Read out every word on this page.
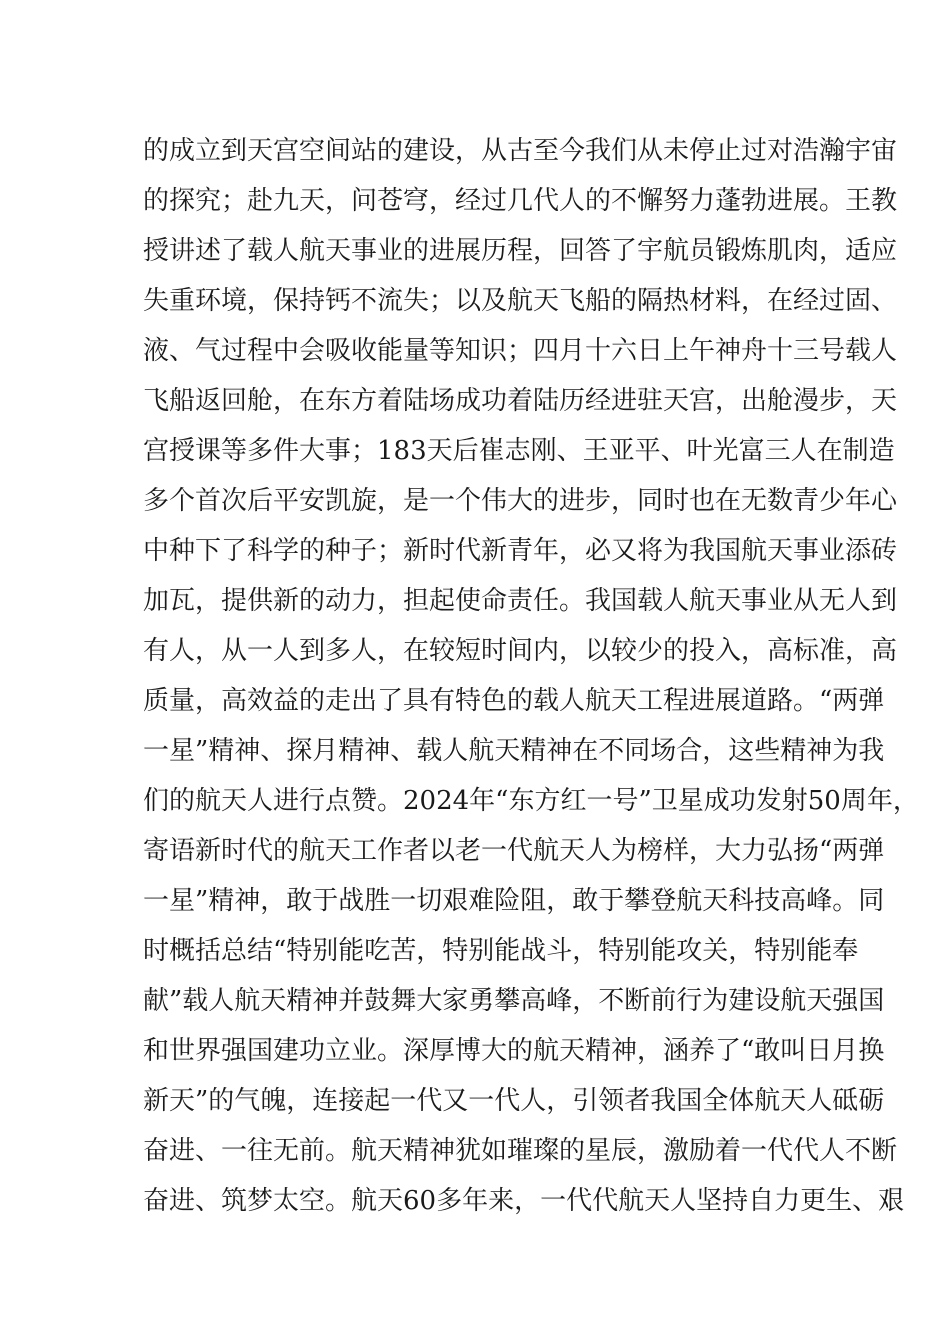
的成立到天宫空间站的建设，从古至今我们从未停止过对浩瀚宇宙
的探究；赴九天，问苍穹，经过几代人的不懈努力蓬勃进展。王教
授讲述了载人航天事业的进展历程，回答了宇航员锻炼肌肉，适应
失重环境，保持钙不流失；以及航天飞船的隔热材料，在经过固、
液、气过程中会吸收能量等知识；四月十六日上午神舟十三号载人
飞船返回舱，在东方着陆场成功着陆历经进驻天宫，出舱漫步，天
宫授课等多件大事；183天后崔志刚、王亚平、叶光富三人在制造
多个首次后平安凯旋，是一个伟大的进步，同时也在无数青少年心
中种下了科学的种子；新时代新青年，必又将为我国航天事业添砖
加瓦，提供新的动力，担起使命责任。我国载人航天事业从无人到
有人，从一人到多人，在较短时间内，以较少的投入，高标准，高
质量，高效益的走出了具有特色的载人航天工程进展道路。“两弹
一星”精神、探月精神、载人航天精神在不同场合，这些精神为我
们的航天人进行点赞。2024年“东方红一号”卫星成功发射50周年，
寄语新时代的航天工作者以老一代航天人为榜样，大力弘扬“两弹
一星”精神，敢于战胜一切艰难险阻，敢于攀登航天科技高峰。同
时概括总结“特别能吃苦，特别能战斗，特别能攻关，特别能奉
献”载人航天精神并鼓舞大家勇攀高峰，不断前行为建设航天强国
和世界强国建功立业。深厚博大的航天精神，涵养了“敢叫日月换
新天”的气魄，连接起一代又一代人，引领者我国全体航天人砥砺
奋进、一往无前。航天精神犹如璀璨的星辰，激励着一代代人不断
奋进、筑梦太空。航天60多年来，一代代航天人坚持自力更生、艰
